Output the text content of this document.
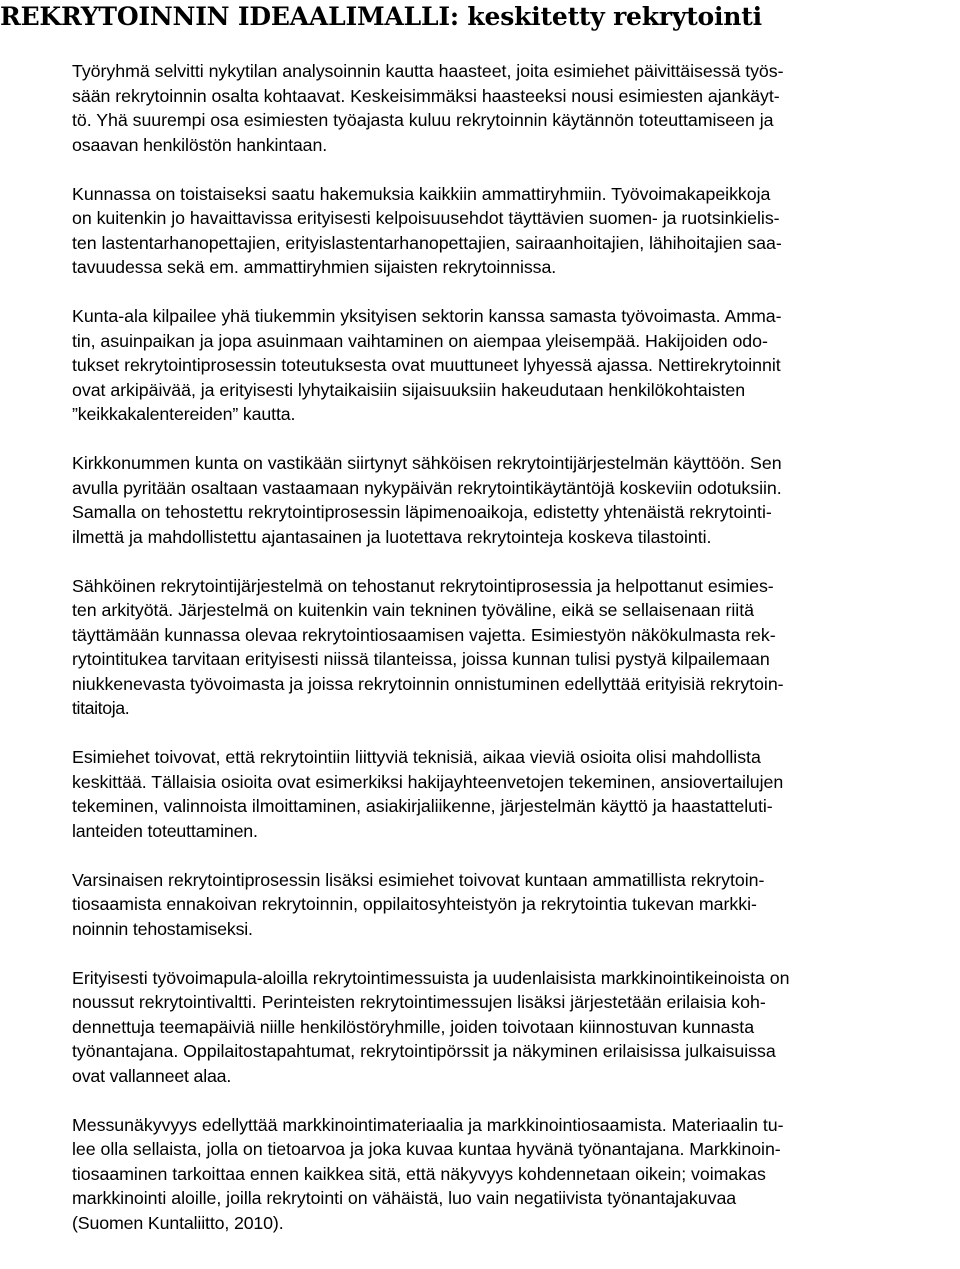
REKRYTOINNIN IDEAALIMALLI: keskitetty rekrytointi

Työryhmä selvitti nykytilan analysoinnin kautta haasteet, joita esimiehet päivittäisessä työs-
sään rekrytoinnin osalta kohtaavat. Keskeisimmäksi haasteeksi nousi esimiesten ajankäyt-
tö. Yhä suurempi osa esimiesten työajasta kuluu rekrytoinnin käytännön toteuttamiseen ja
osaavan henkilöstön hankintaan.

Kunnassa on toistaiseksi saatu hakemuksia kaikkiin ammattiryhmiin. Työvoimakapeikkoja
on kuitenkin jo havaittavissa erityisesti kelpoisuusehdot täyttävien suomen- ja ruotsinkielis-
ten lastentarhanopettajien, erityislastentarhanopettajien, sairaanhoitajien, lähihoitajien saa-
tavuudessa sekä em. ammattiryhmien sijaisten rekrytoinnissa.

Kunta-ala kilpailee yhä tiukemmin yksityisen sektorin kanssa samasta työvoimasta. Amma-
tin, asuinpaikan ja jopa asuinmaan vaihtaminen on aiempaa yleisempää. Hakijoiden odo-
tukset rekrytointiprosessin toteutuksesta ovat muuttuneet lyhyessä ajassa. Nettirekrytoinnit
ovat arkipäivää, ja erityisesti lyhytaikaisiin sijaisuuksiin hakeudutaan henkilökohtaisten
”keikkakalentereiden” kautta.

Kirkkonummen kunta on vastikään siirtynyt sähköisen rekrytointijärjestelmän käyttöön. Sen
avulla pyritään osaltaan vastaamaan nykypäivän rekrytointikäytäntöjä koskeviin odotuksiin.
Samalla on tehostettu rekrytointiprosessin läpimenoaikoja, edistetty yhtenäistä rekrytointi-
ilmettä ja mahdollistettu ajantasainen ja luotettava rekrytointeja koskeva tilastointi.

Sähköinen rekrytointijärjestelmä on tehostanut rekrytointiprosessia ja helpottanut esimies-
ten arkityötä. Järjestelmä on kuitenkin vain tekninen työväline, eikä se sellaisenaan riitä
täyttämään kunnassa olevaa rekrytointiosaamisen vajetta. Esimiestyön näkökulmasta rek-
rytointitukea tarvitaan erityisesti niissä tilanteissa, joissa kunnan tulisi pystyä kilpailemaan
niukkenevasta työvoimasta ja joissa rekrytoinnin onnistuminen edellyttää erityisiä rekrytoin-
titaitoja.

Esimiehet toivovat, että rekrytointiin liittyviä teknisiä, aikaa vieviä osioita olisi mahdollista
keskittää. Tällaisia osioita ovat esimerkiksi hakijayhteenvetojen tekeminen, ansiovertailujen
tekeminen, valinnoista ilmoittaminen, asiakirjaliikenne, järjestelmän käyttö ja haastatteluti-
lanteiden toteuttaminen.

Varsinaisen rekrytointiprosessin lisäksi esimiehet toivovat kuntaan ammatillista rekrytoin-
tiosaamista ennakoivan rekrytoinnin, oppilaitosyhteistyön ja rekrytointia tukevan markki-
noinnin tehostamiseksi.

Erityisesti työvoimapula-aloilla rekrytointimessuista ja uudenlaisista markkinointikeinoista on
noussut rekrytointivaltti. Perinteisten rekrytointimessujen lisäksi järjestetään erilaisia koh-
dennettuja teemapäiviä niille henkilöstöryhmille, joiden toivotaan kiinnostuvan kunnasta
työnantajana. Oppilaitostapahtumat, rekrytointipörssit ja näkyminen erilaisissa julkaisuissa
ovat vallanneet alaa.

Messunäkyvyys edellyttää markkinointimateriaalia ja markkinointiosaamista. Materiaalin tu-
lee olla sellaista, jolla on tietoarvoa ja joka kuvaa kuntaa hyvänä työnantajana. Markkinoin-
tiosaaminen tarkoittaa ennen kaikkea sitä, että näkyvyys kohdennetaan oikein; voimakas
markkinointi aloille, joilla rekrytointi on vähäistä, luo vain negatiivista työnantajakuvaa
(Suomen Kuntaliitto, 2010).
